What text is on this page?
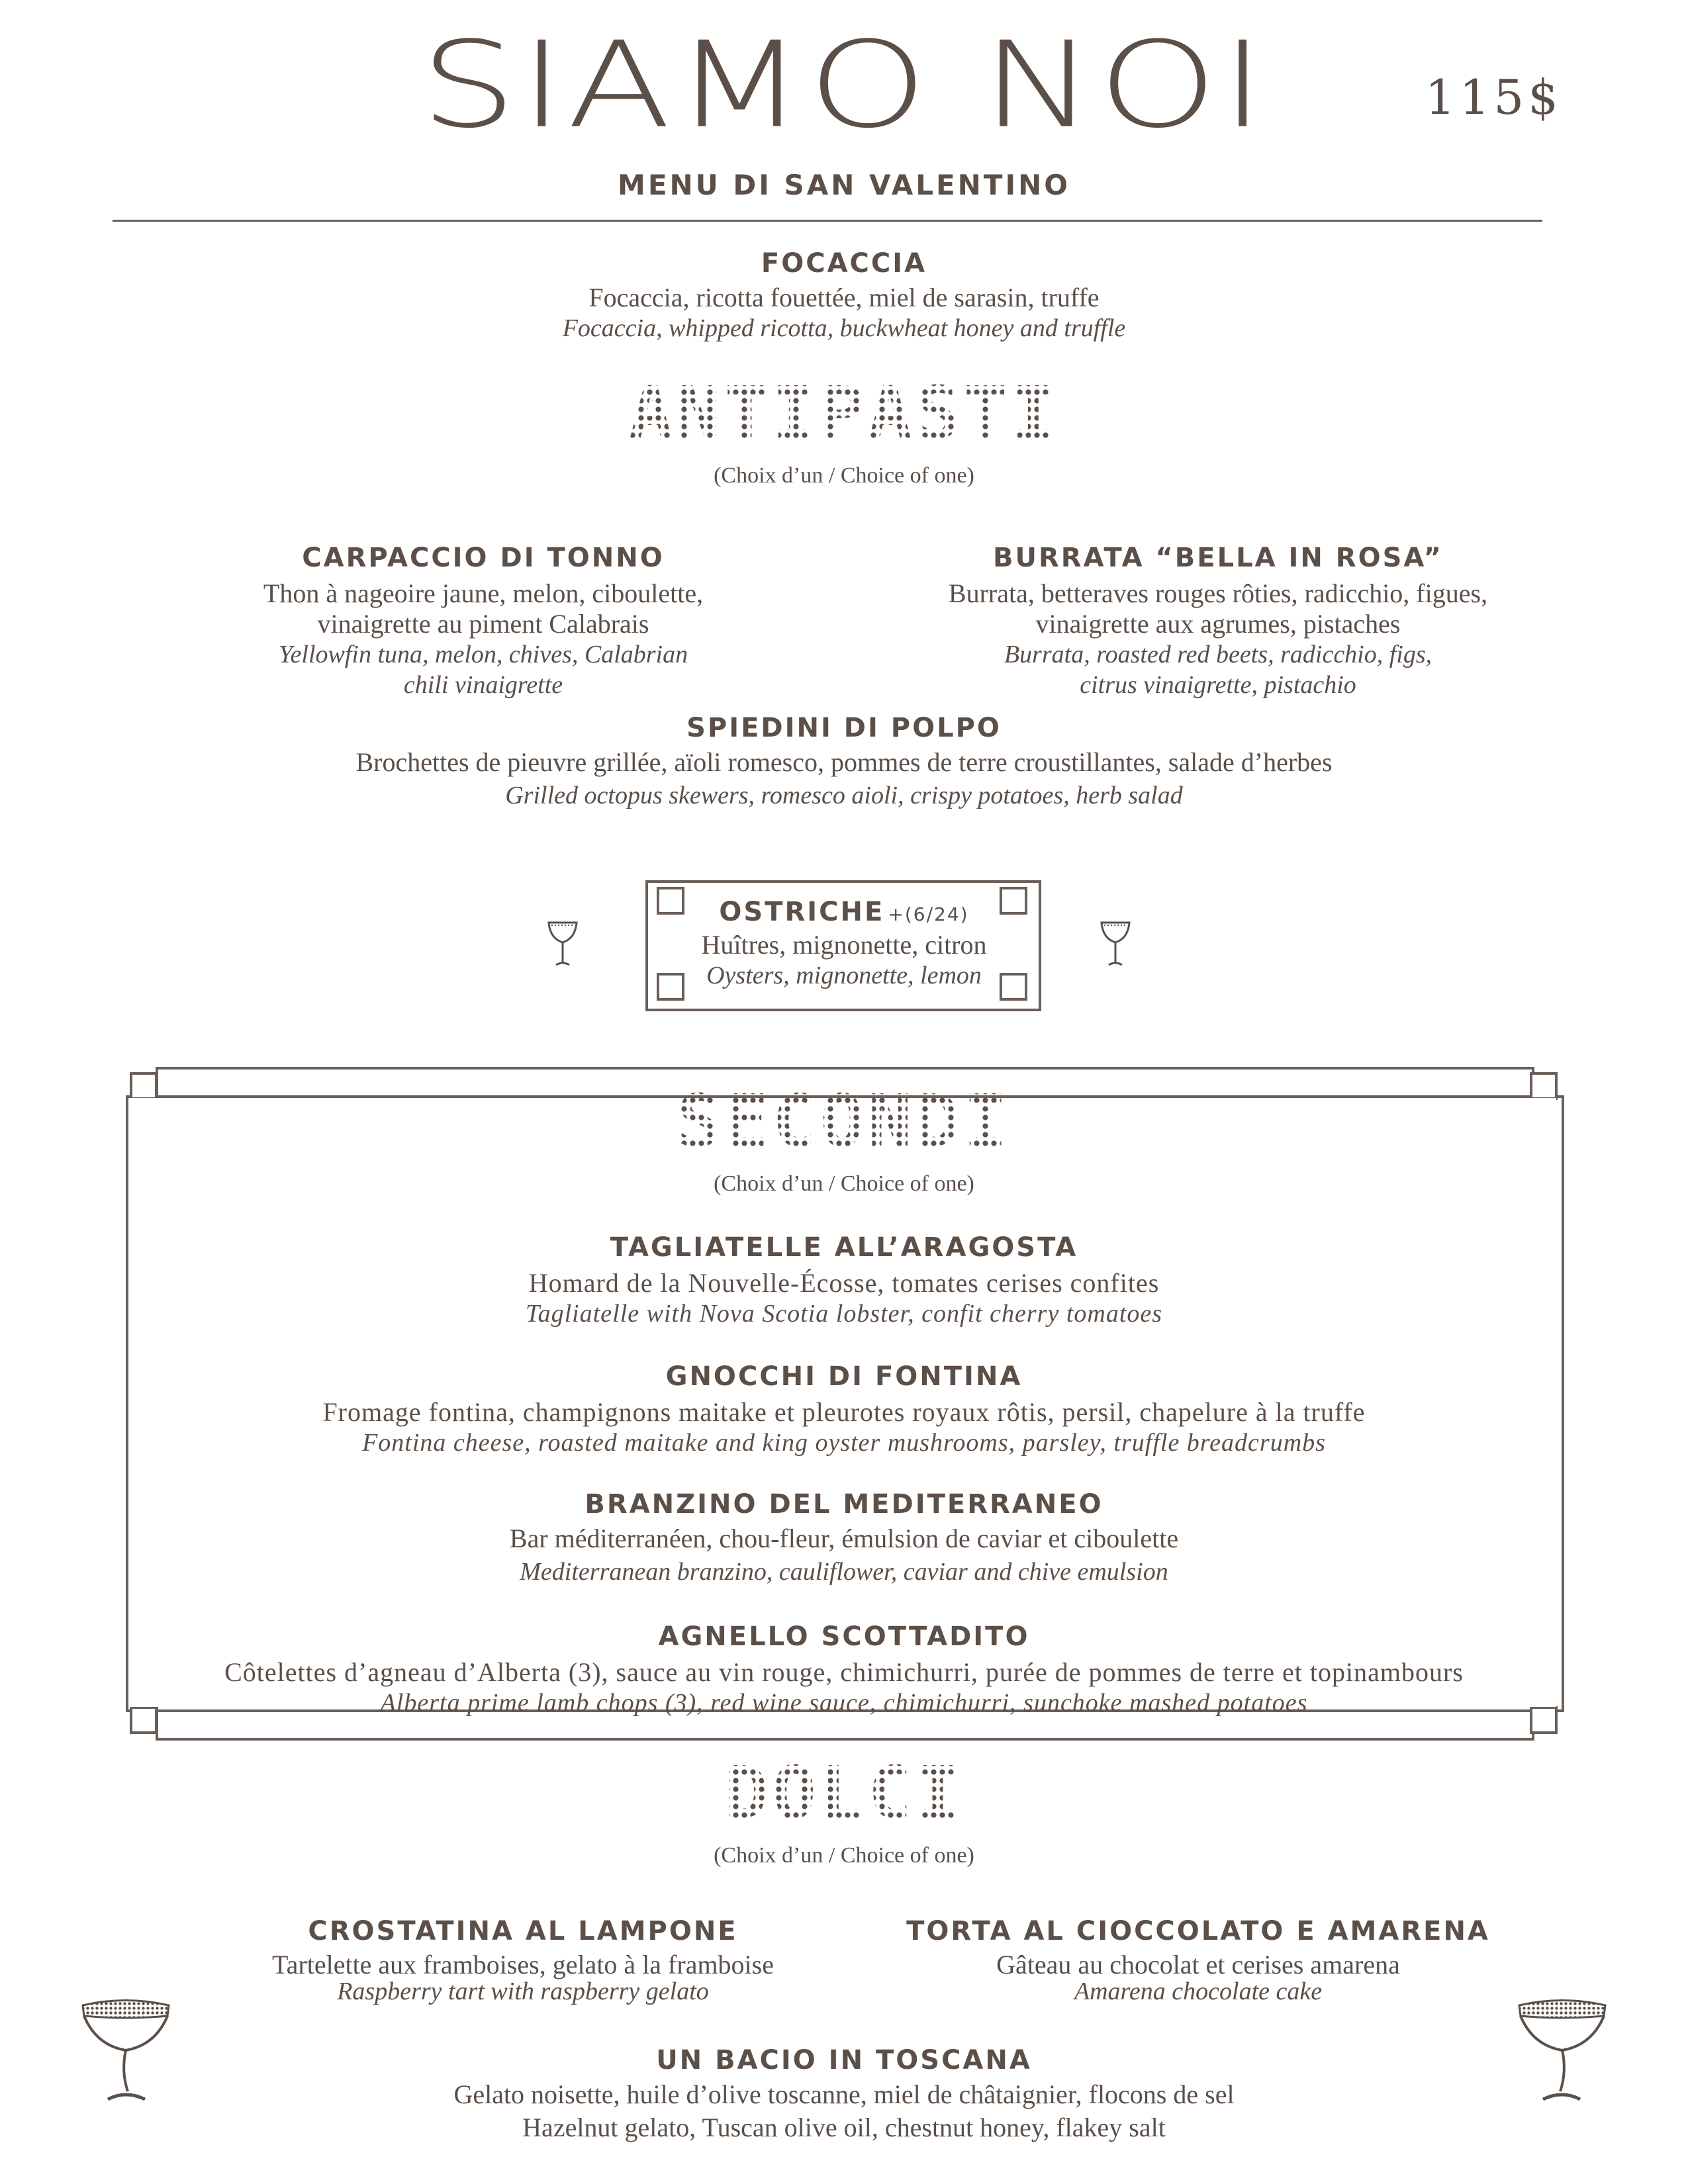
SIAMO NOI	115$
MENU DI SAN VALENTINO
FOCACCIA
Focaccia, ricotta fouettée, miel de sarasin, truffe
Focaccia, whipped ricotta, buckwheat honey and truffle
ANTIPASTI
(Choix d’un / Choice of one)
CARPACCIO DI TONNO
Thon à nageoire jaune, melon, ciboulette,
vinaigrette au piment Calabrais
Yellowfin tuna, melon, chives, Calabrian
chili vinaigrette
BURRATA “BELLA IN ROSA”
Burrata, betteraves rouges rôties, radicchio, figues,
vinaigrette aux agrumes, pistaches
Burrata, roasted red beets, radicchio, figs,
citrus vinaigrette, pistachio
SPIEDINI DI POLPO
Brochettes de pieuvre grillée, aïoli romesco, pommes de terre croustillantes, salade d’herbes
Grilled octopus skewers, romesco aioli, crispy potatoes, herb salad
OSTRICHE +(6/24)
Huîtres, mignonette, citron
Oysters, mignonette, lemon
SECONDI
(Choix d’un / Choice of one)
TAGLIATELLE ALL’ARAGOSTA
Homard de la Nouvelle-Écosse, tomates cerises confites
Tagliatelle with Nova Scotia lobster, confit cherry tomatoes
GNOCCHI DI FONTINA
Fromage fontina, champignons maitake et pleurotes royaux rôtis, persil, chapelure à la truffe
Fontina cheese, roasted maitake and king oyster mushrooms, parsley, truffle breadcrumbs
BRANZINO DEL MEDITERRANEO
Bar méditerranéen, chou-fleur, émulsion de caviar et ciboulette
Mediterranean branzino, cauliflower, caviar and chive emulsion
AGNELLO SCOTTADITO
Côtelettes d’agneau d’Alberta (3), sauce au vin rouge, chimichurri, purée de pommes de terre et topinambours
Alberta prime lamb chops (3), red wine sauce, chimichurri, sunchoke mashed potatoes
DOLCI
(Choix d’un / Choice of one)
CROSTATINA AL LAMPONE
Tartelette aux framboises, gelato à la framboise
Raspberry tart with raspberry gelato
TORTA AL CIOCCOLATO E AMARENA
Gâteau au chocolat et cerises amarena
Amarena chocolate cake
UN BACIO IN TOSCANA
Gelato noisette, huile d’olive toscanne, miel de châtaignier, flocons de sel
Hazelnut gelato, Tuscan olive oil, chestnut honey, flakey salt
